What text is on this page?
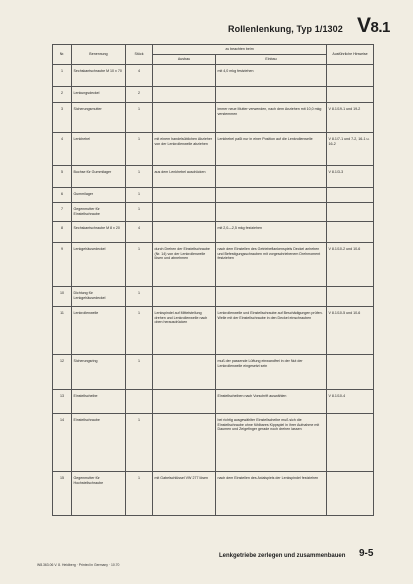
Rollenlenkung, Typ 1/1302 V8.1
Nr.	Benennung	Stück	zu beachten beim		Ausführliche Hinweise
			Ausbau	Einbau	
1	Sechskantschraube M 10 x 70	4		mit 4,0 mkg festziehen	
2	Lenkungsdeckel	2			
3	Sicherungsmutter	1		immer neue Mutter verwenden, nach dem Anziehen mit 10,0 mkg verstemmen	V 8.1/19-1 und 19-2
4	Lenkhebel	1	mit einem handelsüblichen Abzieher von der Lenkrollenwelle abziehen	Lenkhebel paßt nur in einer Position auf die Lenkrollenwelle	V 8.1/7-1 und 7-2, 16-1 u. 16-2
5	Buchse für Gummilager	1	aus dem Lenkhebel ausdrücken		V 8.1/3-3
6	Gummilager	1			
7	Gegenmutter für Einstellschraube	1			
8	Sechskantschraube M 8 x 20	4		mit 2,0—2,5 mkg festziehen	
9	Lenkgehäusedeckel	1	durch Drehen der Einstellschraube (Nr. 14) von der Lenkrollenwelle lösen und abnehmen	nach dem Einstellen des Getriebeflankenspiels Deckel anheben und Befestigungsschrauben mit vorgeschriebenem Drehmoment festziehen	V 8.1/10-2 und 10-6
10	Dichtung für Lenkgehäusedeckel	1			
11	Lenkrollenwelle	1	Lenkspindel auf Mittelstellung drehen und Lenkrollenwelle nach oben herausdrücken	Lenkrollenwelle und Einstellschraube auf Beschädigungen prüfen. Welle mit der Einstellschraube in den Deckel einschrauben	V 8.1/10-5 und 10-6
12	Sicherungsring	1		muß der passende Lüftung einwandfrei in der Nut der Lenkrollenwelle eingesetzt sein	
13	Einstellscheibe			Einstellscheiben nach Vorschrift auswählen	V 8.1/10-4
14	Einstellschraube	1		bei richtig ausgewählter Einstellscheibe muß sich die Einstellschraube ohne fühlbares Kippspiel in ihrer Aufnahme mit Daumen und Zeigefinger gerade noch drehen lassen	
15	Gegenmutter für Hochstellschraube	1	mit Gabelschlüssel VW 277 lösen	nach dem Einstellen des Axialspiels der Lenkspindel festziehen	
Lenkgetriebe zerlegen und zusammenbauen 9-5
W8.363.06 V. 8. Heidberg · Printed in Germany · 10.70
